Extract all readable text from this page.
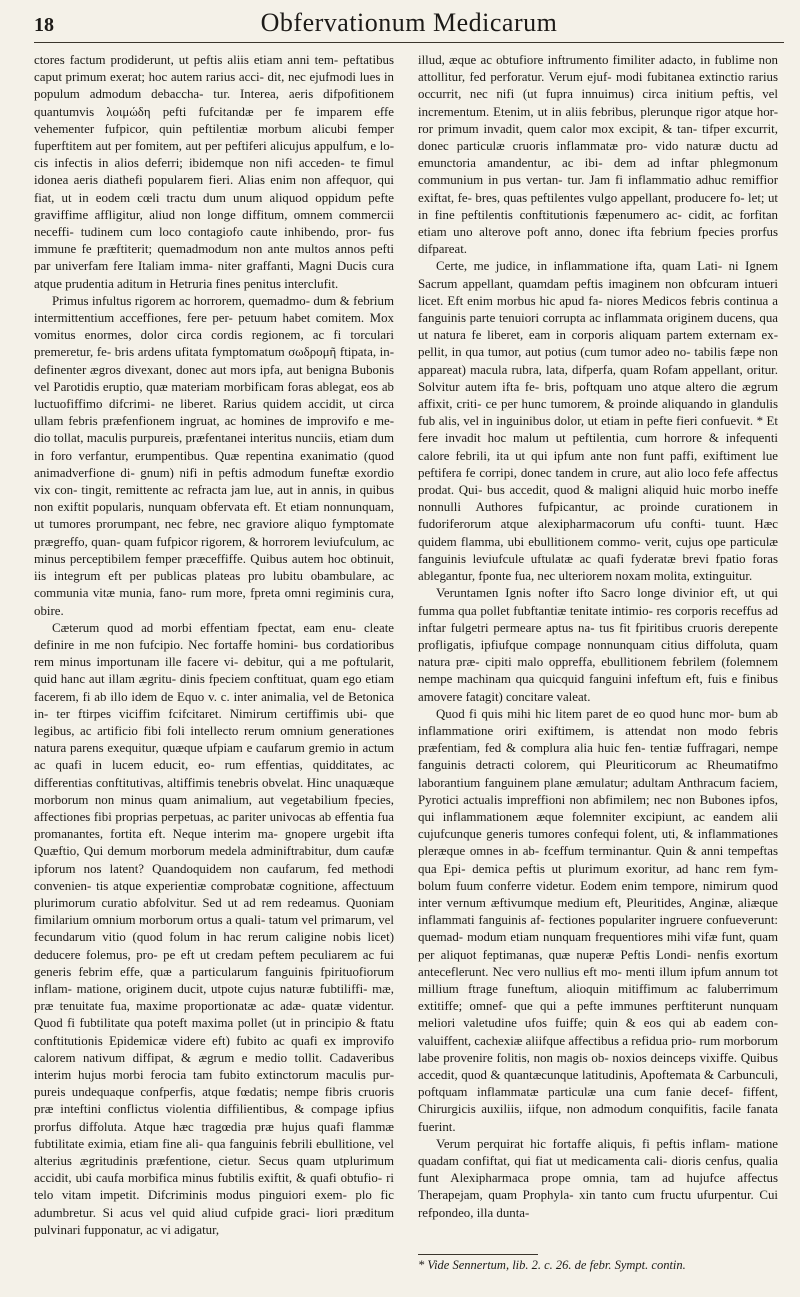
18	Obfervationum Medicarum

ctores factum prodiderunt, ut peftis aliis etiam anni tem- peftatibus caput primum exerat; hoc autem rarius acci- dit, nec ejufmodi lues in populum admodum debaccha- tur. Interea, aeris difpofitionem quantumvis λοιμώδη pefti fufcitandæ per fe imparem effe vehementer fufpicor, quin peftilentiæ morbum alicubi femper fuperftitem aut per fomitem, aut per peftiferi alicujus appulfum, e lo- cis infectis in alios deferri; ibidemque non nifi acceden- te fimul idonea aeris diathefi popularem fieri. Alias enim non affequor, qui fiat, ut in eodem cœli tractu dum unum aliquod oppidum pefte graviffime affligitur, aliud non longe diffitum, omnem commercii neceffi- tudinem cum loco contagiofo caute inhibendo, pror- fus immune fe præftiterit; quemadmodum non ante multos annos pefti par univerfam fere Italiam imma- niter graffanti, Magni Ducis cura atque prudentia aditum in Hetruria fines penitus interclufit.

Primus infultus rigorem ac horrorem, quemadmo- dum & febrium intermittentium acceffiones, fere per- petuum habet comitem. Mox vomitus enormes, dolor circa cordis regionem, ac fi torculari premeretur, fe- bris ardens ufitata fymptomatum σωδρομῆ ftipata, in- definenter ægros divexant, donec aut mors ipfa, aut benigna Bubonis vel Parotidis eruptio, quæ materiam morbificam foras ablegat, eos ab luctuofiffimo difcrimi- ne liberet. Rarius quidem accidit, ut circa ullam febris præfenfionem ingruat, ac homines de improvifo e me- dio tollat, maculis purpureis, præfentanei interitus nunciis, etiam dum in foro verfantur, erumpentibus. Quæ repentina exanimatio (quod animadverfione di- gnum) nifi in peftis admodum funeftæ exordio vix con- tingit, remittente ac refracta jam lue, aut in annis, in quibus non exiftit popularis, nunquam obfervata eft. Et etiam nonnunquam, ut tumores prorumpant, nec febre, nec graviore aliquo fymptomate prægreffo, quan- quam fufpicor rigorem, & horrorem leviufculum, ac minus perceptibilem femper præceffiffe. Quibus autem hoc obtinuit, iis integrum eft per publicas plateas pro lubitu obambulare, ac communia vitæ munia, fano- rum more, fpreta omni regiminis cura, obire.

Cæterum quod ad morbi effentiam fpectat, eam enu- cleate definire in me non fufcipio. Nec fortaffe homini- bus cordatioribus rem minus importunam ille facere vi- debitur, qui a me poftularit, quid hanc aut illam ægritu- dinis fpeciem conftituat, quam ego etiam facerem, fi ab illo idem de Equo v. c. inter animalia, vel de Betonica in- ter ftirpes viciffim fcifcitaret. Nimirum certiffimis ubi- que legibus, ac artificio fibi foli intellecto rerum omnium generationes natura parens exequitur, quæque ufpiam e caufarum gremio in actum ac quafi in lucem educit, eo- rum effentias, quidditates, ac differentias conftitutivas, altiffimis tenebris obvelat. Hinc unaquæque morborum non minus quam animalium, aut vegetabilium fpecies, affectiones fibi proprias perpetuas, ac pariter univocas ab effentia fua promanantes, fortita eft. Neque interim ma- gnopere urgebit ifta Quæftio, Qui demum morborum medela adminiftrabitur, dum caufæ ipforum nos latent? Quandoquidem non caufarum, fed methodi convenien- tis atque experientiæ comprobatæ cognitione, affectuum plurimorum curatio abfolvitur. Sed ut ad rem redeamus. Quoniam fimilarium omnium morborum ortus a quali- tatum vel primarum, vel fecundarum vitio (quod folum in hac rerum caligine nobis licet) deducere folemus, pro- pe eft ut credam peftem peculiarem ac fui generis febrim effe, quæ a particularum fanguinis fpirituofiorum inflam- matione, originem ducit, utpote cujus naturæ fubtiliffi- mæ, præ tenuitate fua, maxime proportionatæ ac adæ- quatæ videntur. Quod fi fubtilitate qua poteft maxima pollet (ut in principio & ftatu conftitutionis Epidemicæ videre eft) fubito ac quafi ex improvifo calorem nativum diffipat, & ægrum e medio tollit. Cadaveribus interim hujus morbi ferocia tam fubito extinctorum maculis pur- pureis undequaque confperfis, atque fœdatis; nempe fibris cruoris præ inteftini conflictus violentia diffilientibus, & compage ipfius prorfus diffoluta. Atque hæc tragœdia præ hujus quafi flammæ fubtilitate eximia, etiam fine ali- qua fanguinis febrili ebullitione, vel alterius ægritudinis præfentione, cietur. Secus quam utplurimum accidit, ubi caufa morbifica minus fubtilis exiftit, & quafi obtufio- ri telo vitam impetit. Difcriminis modus pinguiori exem- plo fic adumbretur. Si acus vel quid aliud cufpide graci- liori præditum pulvinari fupponatur, ac vi adigatur,

illud, æque ac obtufiore inftrumento fimiliter adacto, in fublime non attollitur, fed perforatur. Verum ejuf- modi fubitanea extinctio rarius occurrit, nec nifi (ut fupra innuimus) circa initium peftis, vel incrementum. Etenim, ut in aliis febribus, plerunque rigor atque hor- ror primum invadit, quem calor mox excipit, & tan- tifper excurrit, donec particulæ cruoris inflammatæ pro- vido naturæ ductu ad emunctoria amandentur, ac ibi- dem ad inftar phlegmonum communium in pus vertan- tur. Jam fi inflammatio adhuc remiffior exiftat, fe- bres, quas peftilentes vulgo appellant, producere fo- let; ut in fine peftilentis conftitutionis fæpenumero ac- cidit, ac forfitan etiam uno alterove poft anno, donec ifta febrium fpecies prorfus difpareat.

Certe, me judice, in inflammatione ifta, quam Lati- ni Ignem Sacrum appellant, quamdam peftis imaginem non obfcuram intueri licet. Eft enim morbus hic apud fa- niores Medicos febris continua a fanguinis parte tenuiori corrupta ac inflammata originem ducens, qua ut natura fe liberet, eam in corporis aliquam partem externam ex- pellit, in qua tumor, aut potius (cum tumor adeo no- tabilis fæpe non appareat) macula rubra, lata, difperfa, quam Rofam appellant, oritur. Solvitur autem ifta fe- bris, poftquam uno atque altero die ægrum affixit, criti- ce per hunc tumorem, & proinde aliquando in glandulis fub alis, vel in inguinibus dolor, ut etiam in pefte fieri confuevit. * Et fere invadit hoc malum ut peftilentia, cum horrore & infequenti calore febrili, ita ut qui ipfum ante non funt paffi, exiftiment lue peftifera fe corripi, donec tandem in crure, aut alio loco fefe affectus prodat. Qui- bus accedit, quod & maligni aliquid huic morbo ineffe nonnulli Authores fufpicantur, ac proinde curationem in fudoriferorum atque alexipharmacorum ufu confti- tuunt. Hæc quidem flamma, ubi ebullitionem commo- verit, cujus ope particulæ fanguinis leviufcule uftulatæ ac quafi fyderatæ brevi fpatio foras ablegantur, fponte fua, nec ulteriorem noxam molita, extinguitur.

Veruntamen Ignis nofter ifto Sacro longe divinior eft, ut qui fumma qua pollet fubftantiæ tenitate intimio- res corporis receffus ad inftar fulgetri permeare aptus na- tus fit fpiritibus cruoris derepente profligatis, ipfiufque compage nonnunquam citius diffoluta, quam natura præ- cipiti malo oppreffa, ebullitionem febrilem (folemnem nempe machinam qua quicquid fanguini infeftum eft, fuis e finibus amovere fatagit) concitare valeat.

Quod fi quis mihi hic litem paret de eo quod hunc mor- bum ab inflammatione oriri exiftimem, is attendat non modo febris præfentiam, fed & complura alia huic fen- tentiæ fuffragari, nempe fanguinis detracti colorem, qui Pleuriticorum ac Rheumatifmo laborantium fanguinem plane æmulatur; adultam Anthracum faciem, Pyrotici actualis impreffioni non abfimilem; nec non Bubones ipfos, qui inflammationem æque folemniter excipiunt, ac eandem alii cujufcunque generis tumores confequi folent, uti, & inflammationes pleræque omnes in ab- fceffum terminantur. Quin & anni tempeftas qua Epi- demica peftis ut plurimum exoritur, ad hanc rem fym- bolum fuum conferre videtur. Eodem enim tempore, nimirum quod inter vernum æftivumque medium eft, Pleuritides, Anginæ, aliæque inflammati fanguinis af- fectiones populariter ingruere confueverunt: quemad- modum etiam nunquam frequentiores mihi vifæ funt, quam per aliquot feptimanas, quæ nuperæ Peftis Londi- nenfis exortum anteceflerunt. Nec vero nullius eft mo- menti illum ipfum annum tot millium ftrage funeftum, alioquin mitiffimum ac faluberrimum extitiffe; omnef- que qui a pefte immunes perftiterunt nunquam meliori valetudine ufos fuiffe; quin & eos qui ab eadem con- valuiffent, cachexiæ aliifque affectibus a refidua prio- rum morborum labe provenire folitis, non magis ob- noxios deinceps vixiffe. Quibus accedit, quod & quantæcunque latitudinis, Apoftemata & Carbunculi, poftquam inflammatæ particulæ una cum fanie decef- fiffent, Chirurgicis auxiliis, iifque, non admodum conquifitis, facile fanata fuerint.

Verum perquirat hic fortaffe aliquis, fi peftis inflam- matione quadam confiftat, qui fiat ut medicamenta cali- dioris cenfus, qualia funt Alexipharmaca prope omnia, tam ad hujufce affectus Therapejam, quam Prophyla- xin tanto cum fructu ufurpentur. Cui refpondeo, illa dunta-

* Vide Sennertum, lib. 2. c. 26. de febr. Sympt. contin.
